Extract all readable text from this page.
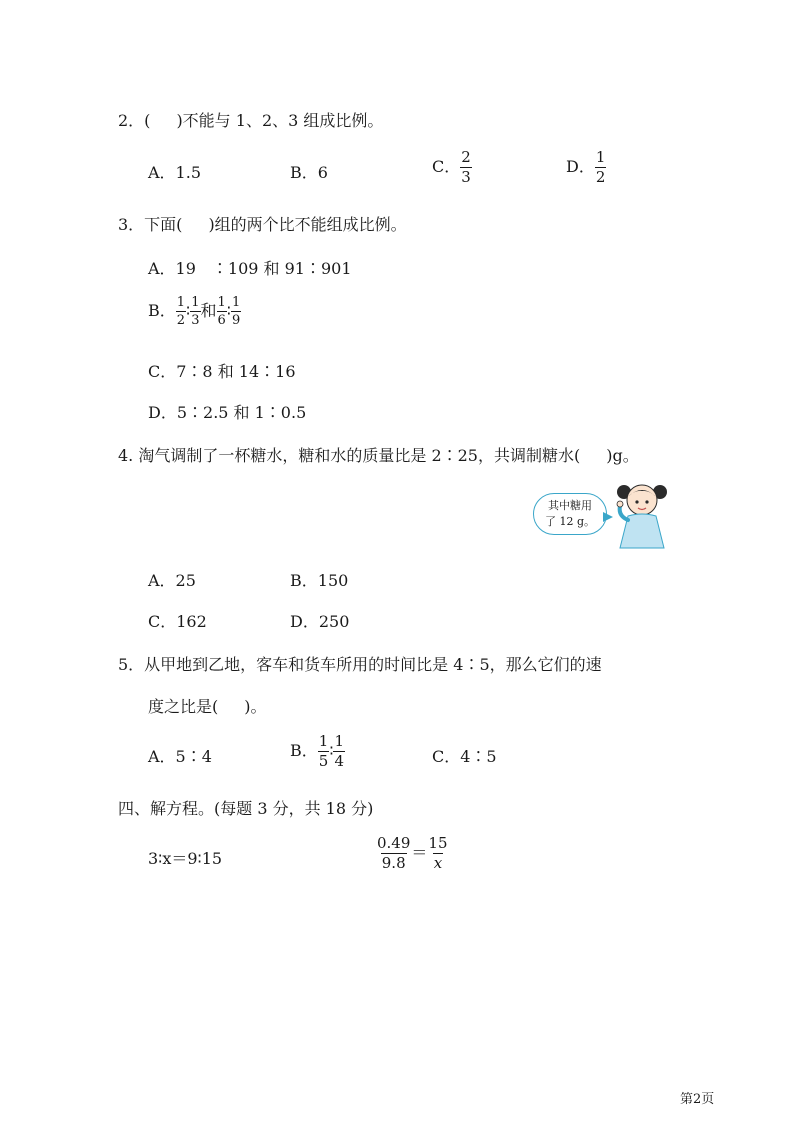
2．( )不能与 1、2、3 组成比例。
A．1.5	B．6	C． $\frac{2}{3}$	D． $\frac{1}{2}$
3．下面( )组的两个比不能组成比例。
A．19　∶109 和 91∶901
B． $\frac{1}{2}$ ∶ $\frac{1}{3}$ 和 $\frac{1}{6}$ ∶ $\frac{1}{9}$
C．7∶8 和 14∶16
D．5∶2.5 和 1∶0.5
4. 淘气调制了一杯糖水，糖和水的质量比是 2∶25，共调制糖水( )g。
其中糖用
了 12 g。
A．25	B．150
C．162	D．250
5．从甲地到乙地，客车和货车所用的时间比是 4∶5，那么它们的速
度之比是( )。
A．5∶4	B． $\frac{1}{5}$ ∶ $\frac{1}{4}$	C．4∶5
四、解方程。(每题 3 分，共 18 分)
3∶x＝9∶15	$\frac{0.49}{9.8} = \frac{15}{x}$
第2页
